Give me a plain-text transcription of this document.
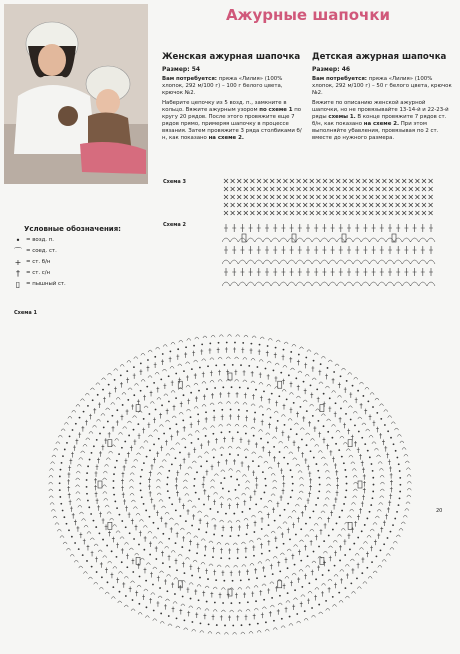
Ажурные шапочки
Женская ажурная шапочка
Размер: 54

Вам потребуется: пряжа «Лилия» (100% хлопок, 292 м/100 г) – 100 г белого цвета, крючок №2.

Наберите цепочку из 5 возд. п., замкните в кольцо. Вяжите ажурным узором по схеме 1 по кругу 20 рядов. После этого провяжите еще 7 рядов прямо, примеряя шапочку в процессе вязания. Затем провяжите 3 ряда столбиками б/н, как показано на схеме 2.

Детская ажурная шапочка
Размер: 46

Вам потребуется: пряжа «Лилия» (100% хлопок, 292 м/100 г) – 50 г белого цвета, крючок №2.

Вяжите по описанию женской ажурной шапочки, но не провязывайте 13-14-й и 22-23-й ряды схемы 1. В конце провяжите 7 рядов ст. б/н, как показано на схеме 2. При этом выполняйте убавления, провязывая по 2 ст. вместе до нужного размера.

Схема 3
Схема 2
Схема 1
Условные обозначения:
•	= возд. п.
⌒ = соед. ст.
+ = ст. б/н
†	= ст. с/н
▯	= пышный ст.
20
